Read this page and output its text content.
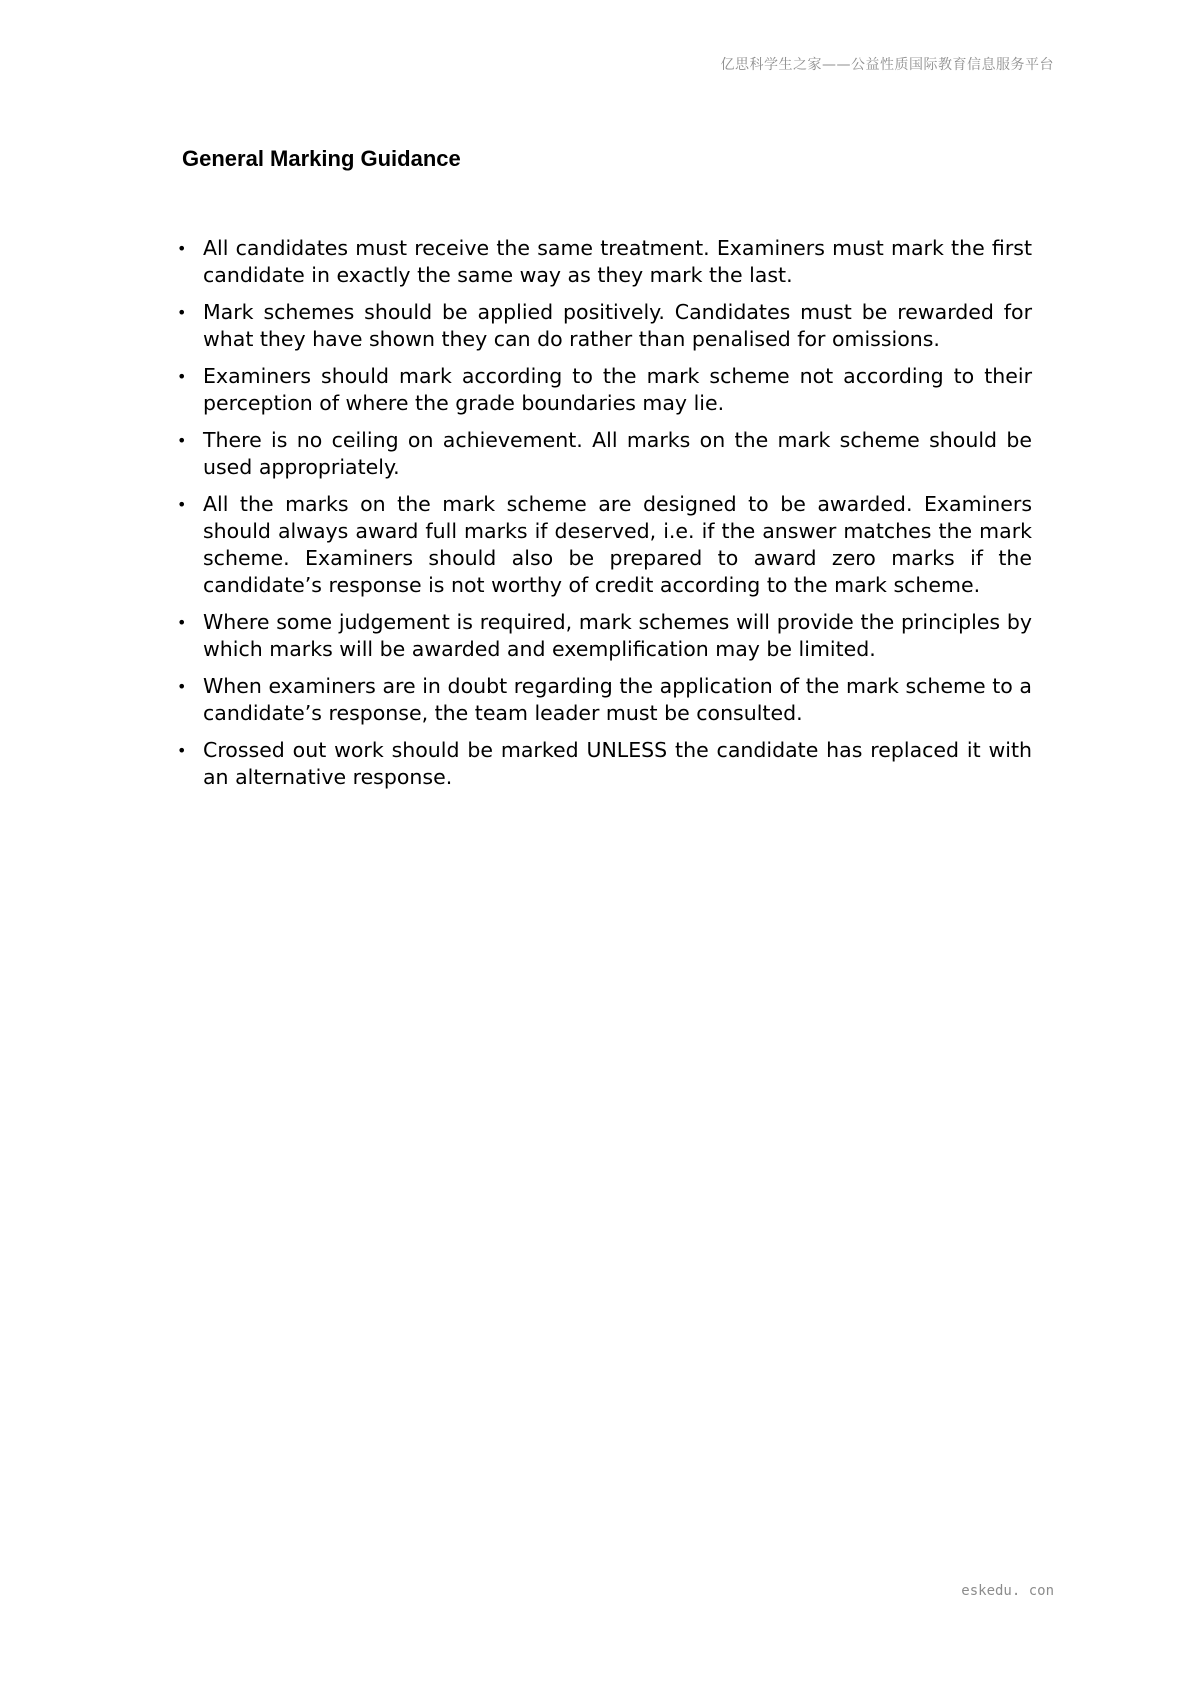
亿思科学生之家——公益性质国际教育信息服务平台
General Marking Guidance
• All candidates must receive the same treatment. Examiners must mark the first candidate in exactly the same way as they mark the last.
• Mark schemes should be applied positively. Candidates must be rewarded for what they have shown they can do rather than penalised for omissions.
• Examiners should mark according to the mark scheme not according to their perception of where the grade boundaries may lie.
• There is no ceiling on achievement. All marks on the mark scheme should be used appropriately.
• All the marks on the mark scheme are designed to be awarded. Examiners should always award full marks if deserved, i.e. if the answer matches the mark scheme. Examiners should also be prepared to award zero marks if the candidate’s response is not worthy of credit according to the mark scheme.
• Where some judgement is required, mark schemes will provide the principles by which marks will be awarded and exemplification may be limited.
• When examiners are in doubt regarding the application of the mark scheme to a candidate’s response, the team leader must be consulted.
• Crossed out work should be marked UNLESS the candidate has replaced it with an alternative response.
eskedu. con
